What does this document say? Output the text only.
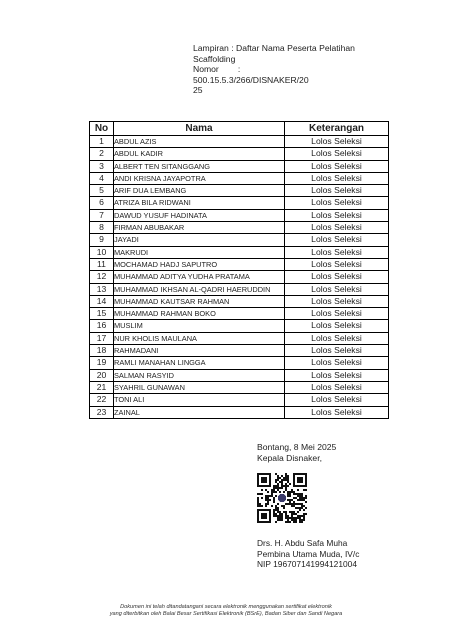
Lampiran : Daftar Nama Peserta Pelatihan
Scaffolding
Nomor        :
500.15.5.3/266/DISNAKER/20
25
No	Nama	Keterangan
1	ABDUL AZIS	Lolos Seleksi
2	ABDUL KADIR	Lolos Seleksi
3	ALBERT TEN SITANGGANG	Lolos Seleksi
4	ANDI KRISNA JAYAPOTRA	Lolos Seleksi
5	ARIF DUA LEMBANG	Lolos Seleksi
6	ATRIZA BILA RIDWANI	Lolos Seleksi
7	DAWUD YUSUF HADINATA	Lolos Seleksi
8	FIRMAN ABUBAKAR	Lolos Seleksi
9	JAYADI	Lolos Seleksi
10	MAKRUDI	Lolos Seleksi
11	MOCHAMAD HADJ SAPUTRO	Lolos Seleksi
12	MUHAMMAD ADITYA YUDHA PRATAMA	Lolos Seleksi
13	MUHAMMAD IKHSAN AL-QADRI HAERUDDIN	Lolos Seleksi
14	MUHAMMAD KAUTSAR RAHMAN	Lolos Seleksi
15	MUHAMMAD RAHMAN BOKO	Lolos Seleksi
16	MUSLIM	Lolos Seleksi
17	NUR KHOLIS MAULANA	Lolos Seleksi
18	RAHMADANI	Lolos Seleksi
19	RAMLI MANAHAN LINGGA	Lolos Seleksi
20	SALMAN RASYID	Lolos Seleksi
21	SYAHRIL GUNAWAN	Lolos Seleksi
22	TONI ALI	Lolos Seleksi
23	ZAINAL	Lolos Seleksi
Bontang, 8 Mei 2025
Kepala Disnaker,
Drs. H. Abdu Safa Muha
Pembina Utama Muda, IV/c
NIP 196707141994121004
Dokumen ini telah ditandatangani secara elektronik menggunakan sertifikat elektronik
yang diterbitkan oleh Balai Besar Sertifikasi Elektronik (BSrE), Badan Siber dan Sandi Negara
